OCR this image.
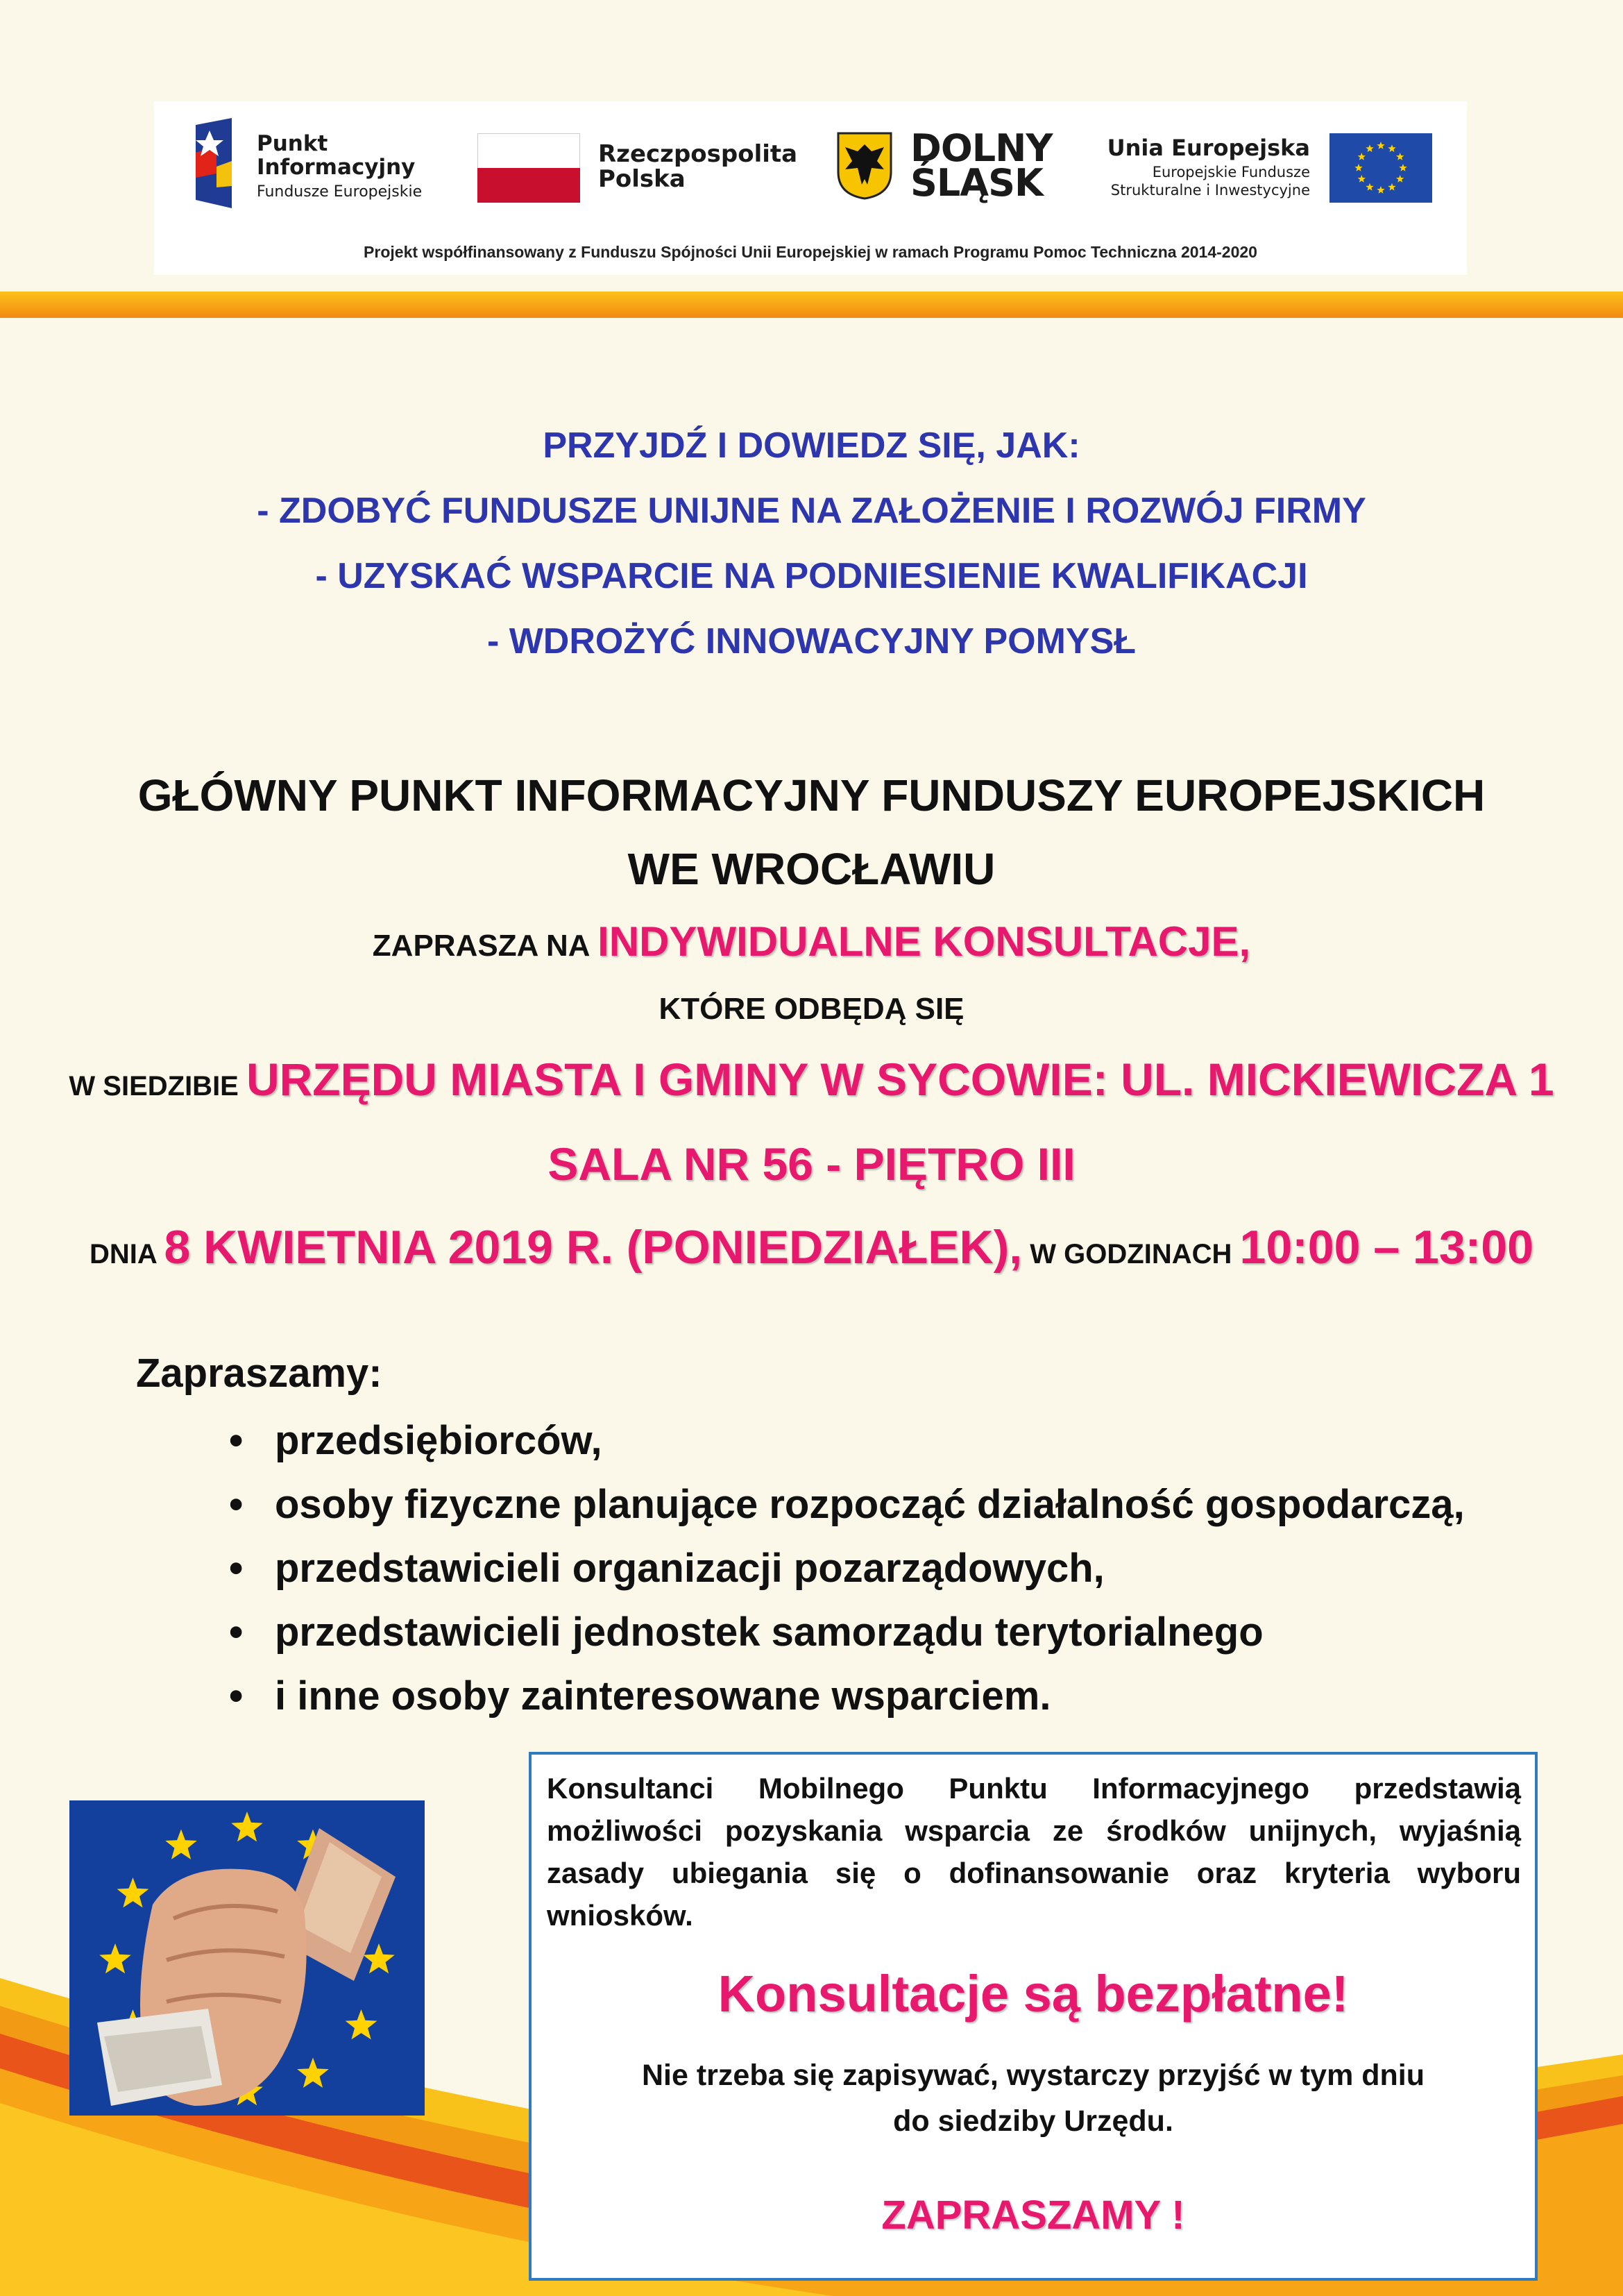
Punkt
Informacyjny
Fundusze Europejskie
Rzeczpospolita
Polska
DOLNY
ŚLĄSK
Unia Europejska
Europejskie Fundusze
Strukturalne i Inwestycyjne
Projekt współfinansowany z Funduszu Spójności Unii Europejskiej w ramach Programu Pomoc Techniczna 2014-2020
PRZYJDŹ I DOWIEDZ SIĘ, JAK:
- ZDOBYĆ FUNDUSZE UNIJNE NA ZAŁOŻENIE I ROZWÓJ FIRMY
- UZYSKAĆ WSPARCIE NA PODNIESIENIE KWALIFIKACJI
- WDROŻYĆ INNOWACYJNY POMYSŁ
GŁÓWNY PUNKT INFORMACYJNY FUNDUSZY EUROPEJSKICH
WE WROCŁAWIU
ZAPRASZA NA INDYWIDUALNE KONSULTACJE,
KTÓRE ODBĘDĄ SIĘ
W SIEDZIBIE URZĘDU MIASTA I GMINY W SYCOWIE: UL. MICKIEWICZA 1
SALA NR 56 - PIĘTRO III
DNIA 8 KWIETNIA 2019 R. (PONIEDZIAŁEK), W GODZINACH 10:00 – 13:00
Zapraszamy:
• przedsiębiorców,
• osoby fizyczne planujące rozpocząć działalność gospodarczą,
• przedstawicieli organizacji pozarządowych,
• przedstawicieli jednostek samorządu terytorialnego
• i inne osoby zainteresowane wsparciem.
Konsultanci Mobilnego Punktu Informacyjnego przedstawią możliwości pozyskania wsparcia ze środków unijnych, wyjaśnią zasady ubiegania się o dofinansowanie oraz kryteria wyboru wniosków.
Konsultacje są bezpłatne!
Nie trzeba się zapisywać, wystarczy przyjść w tym dniu
do siedziby Urzędu.
ZAPRASZAMY !
